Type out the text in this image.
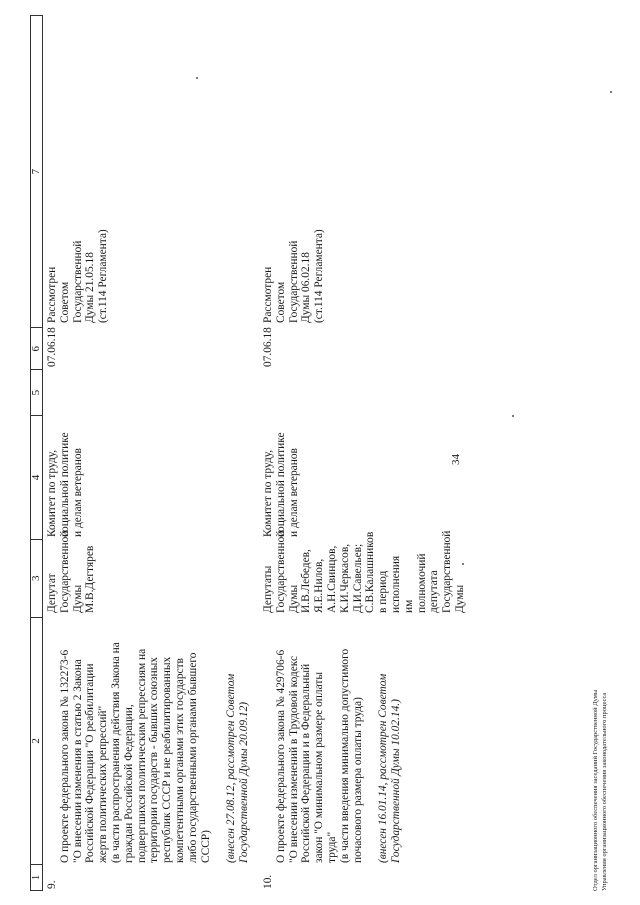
34
1
2
3
4
5
6
7
9.

О проекте федерального закона № 132273-6
"О внесении изменения в статью 2 Закона
Российской Федерации "О реабилитации
жертв политических репрессий"
(в части распространения действия Закона на
граждан Российской Федерации,
подвергшихся политическим репрессиям на
территории государств - бывших союзных
республик СССР и не реабилитированных
компетентными органами этих государств
либо государственными органами бывшего
СССР) (внесен 27.08.12, рассмотрен Советом
Государственной Думы 20.09.12)

Депутат
Государственной
Думы
М.В.Дегтярев
Комитет по труду,
социальной политике
и делам ветеранов
07.06.18
Рассмотрен
Советом
Государственной
Думы 21.05.18
(ст.114 Регламента)
10.

О проекте федерального закона № 429706-6
"О внесении изменений в Трудовой кодекс
Российской Федерации и в Федеральный
закон "О минимальном размере оплаты
труда"
(в части введения минимально допустимого
почасового размера оплаты труда)

(внесен 16.01.14, рассмотрен Советом
Государственной Думы 10.02.14.)

Депутаты
Государственной
Думы
И.В.Лебедев,
Я.Е.Нилов,
А.Н.Свинцов,
К.И.Черкасов,
Д.И.Савельев;
С.В.Калашников
в период
исполнения им
полномочий
депутата
Государственной
Думы
Комитет по труду,
социальной политике
и делам ветеранов
07.06.18
Рассмотрен
Советом
Государственной
Думы 06.02.18
(ст.114 Регламента)
Отдел организационного обеспечения заседаний Государственной Думы
Управления организационного обеспечения законодательного процесса
